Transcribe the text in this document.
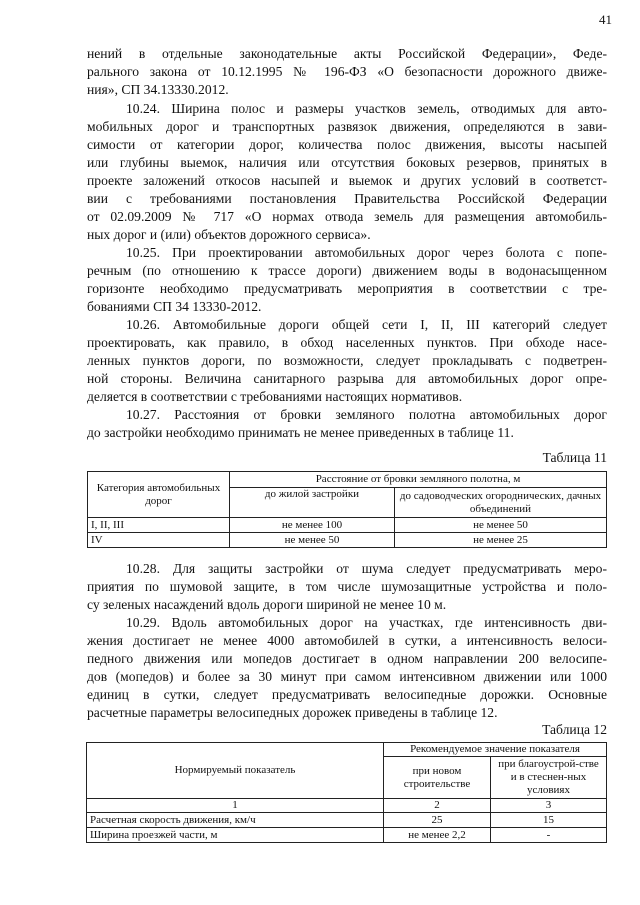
41
нений в отдельные законодательные акты Российской Федерации», Феде-
рального закона от 10.12.1995 № 196-ФЗ «О безопасности дорожного движе-
ния», СП 34.13330.2012.
10.24. Ширина полос и размеры участков земель, отводимых для авто-
мобильных дорог и транспортных развязок движения, определяются в зави-
симости от категории дорог, количества полос движения, высоты насыпей
или глубины выемок, наличия или отсутствия боковых резервов, принятых в
проекте заложений откосов насыпей и выемок и других условий в соответст-
вии с требованиями постановления Правительства Российской Федерации
от 02.09.2009 № 717 «О нормах отвода земель для размещения автомобиль-
ных дорог и (или) объектов дорожного сервиса».
10.25. При проектировании автомобильных дорог через болота с попе-
речным (по отношению к трассе дороги) движением воды в водонасыщенном
горизонте необходимо предусматривать мероприятия в соответствии с тре-
бованиями СП 34 13330-2012.
10.26. Автомобильные дороги общей сети I, II, III категорий следует
проектировать, как правило, в обход населенных пунктов. При обходе насе-
ленных пунктов дороги, по возможности, следует прокладывать с подветрен-
ной стороны. Величина санитарного разрыва для автомобильных дорог опре-
деляется в соответствии с требованиями настоящих нормативов.
10.27. Расстояния от бровки земляного полотна автомобильных дорог
до застройки необходимо принимать не менее приведенных в таблице 11.
Таблица 11
Категория автомобильных дорог	Расстояние от бровки земляного полотна, м	
	до жилой застройки	до садоводческих огороднических, дачных объединений
I, II, III	не менее 100	не менее 50
IV	не менее 50	не менее 25
10.28. Для защиты застройки от шума следует предусматривать меро-
приятия по шумовой защите, в том числе шумозащитные устройства и поло-
су зеленых насаждений вдоль дороги шириной не менее 10 м.
10.29. Вдоль автомобильных дорог на участках, где интенсивность дви-
жения достигает не менее 4000 автомобилей в сутки, а интенсивность велоси-
педного движения или мопедов достигает в одном направлении 200 велосипе-
дов (мопедов) и более за 30 минут при самом интенсивном движении или 1000
единиц в сутки, следует предусматривать велосипедные дорожки. Основные
расчетные параметры велосипедных дорожек приведены в таблице 12.
Таблица 12
Нормируемый показатель	Рекомендуемое значение показателя	
	при новом строительстве	при благоустрой-стве и в стеснен-ных условиях
1	2	3
Расчетная скорость движения, км/ч	25	15
Ширина проезжей части, м	не менее 2,2	-
